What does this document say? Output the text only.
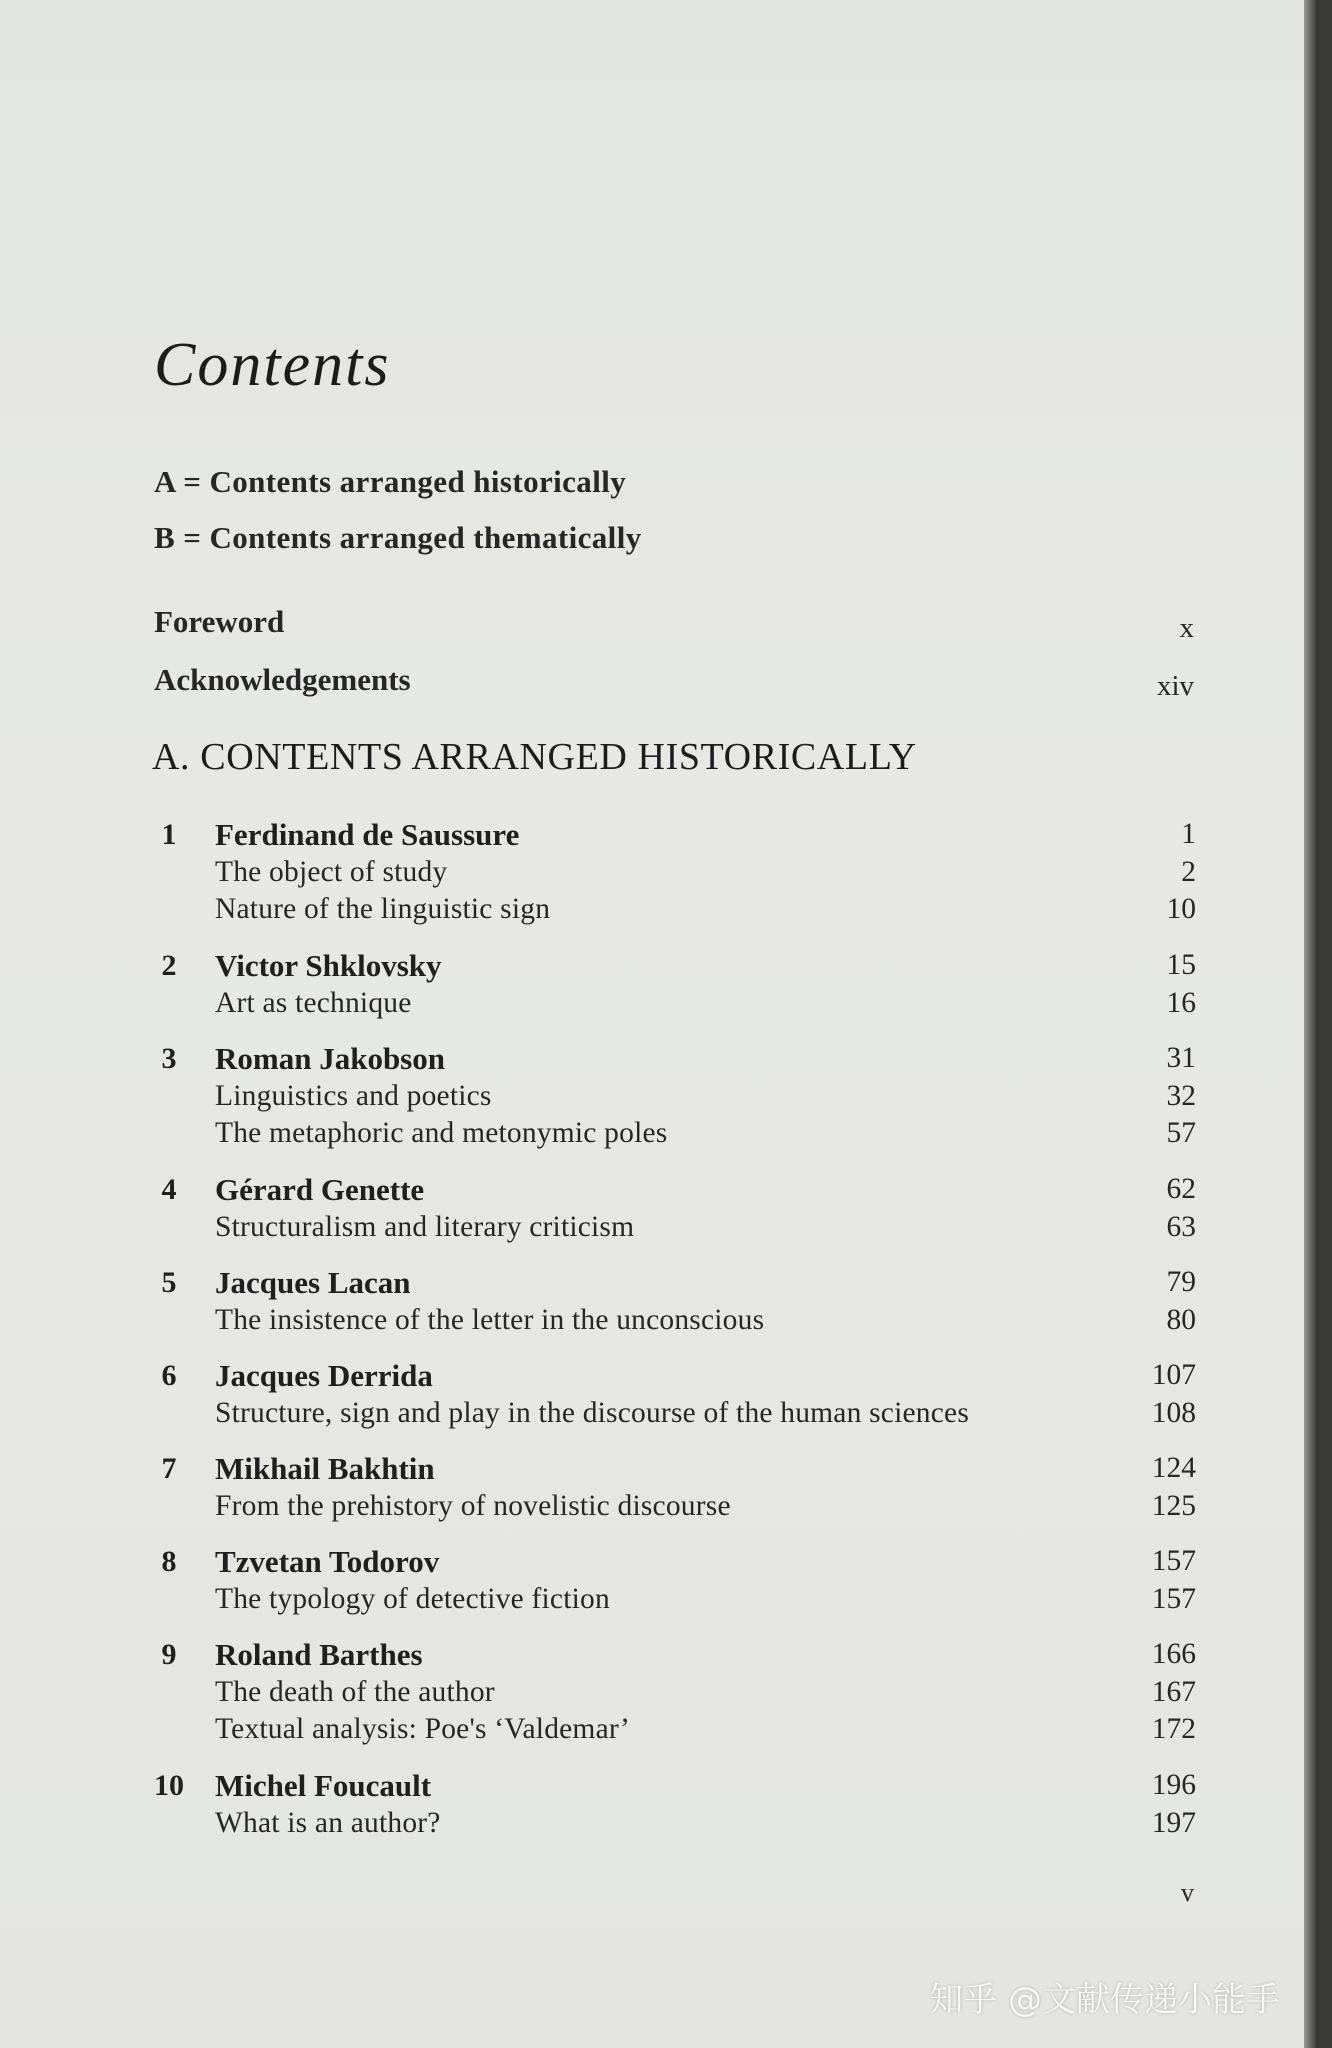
Contents
A = Contents arranged historically
B = Contents arranged thematically
Foreword	x
Acknowledgements	xiv
A. CONTENTS ARRANGED HISTORICALLY
1 Ferdinand de Saussure	1
The object of study	2
Nature of the linguistic sign	10
2 Victor Shklovsky	15
Art as technique	16
3 Roman Jakobson	31
Linguistics and poetics	32
The metaphoric and metonymic poles	57
4 Gérard Genette	62
Structuralism and literary criticism	63
5 Jacques Lacan	79
The insistence of the letter in the unconscious	80
6 Jacques Derrida	107
Structure, sign and play in the discourse of the human sciences	108
7 Mikhail Bakhtin	124
From the prehistory of novelistic discourse	125
8 Tzvetan Todorov	157
The typology of detective fiction	157
9 Roland Barthes	166
The death of the author	167
Textual analysis: Poe's ‘Valdemar’	172
10 Michel Foucault	196
What is an author?	197
v
知乎 @文献传递小能手
